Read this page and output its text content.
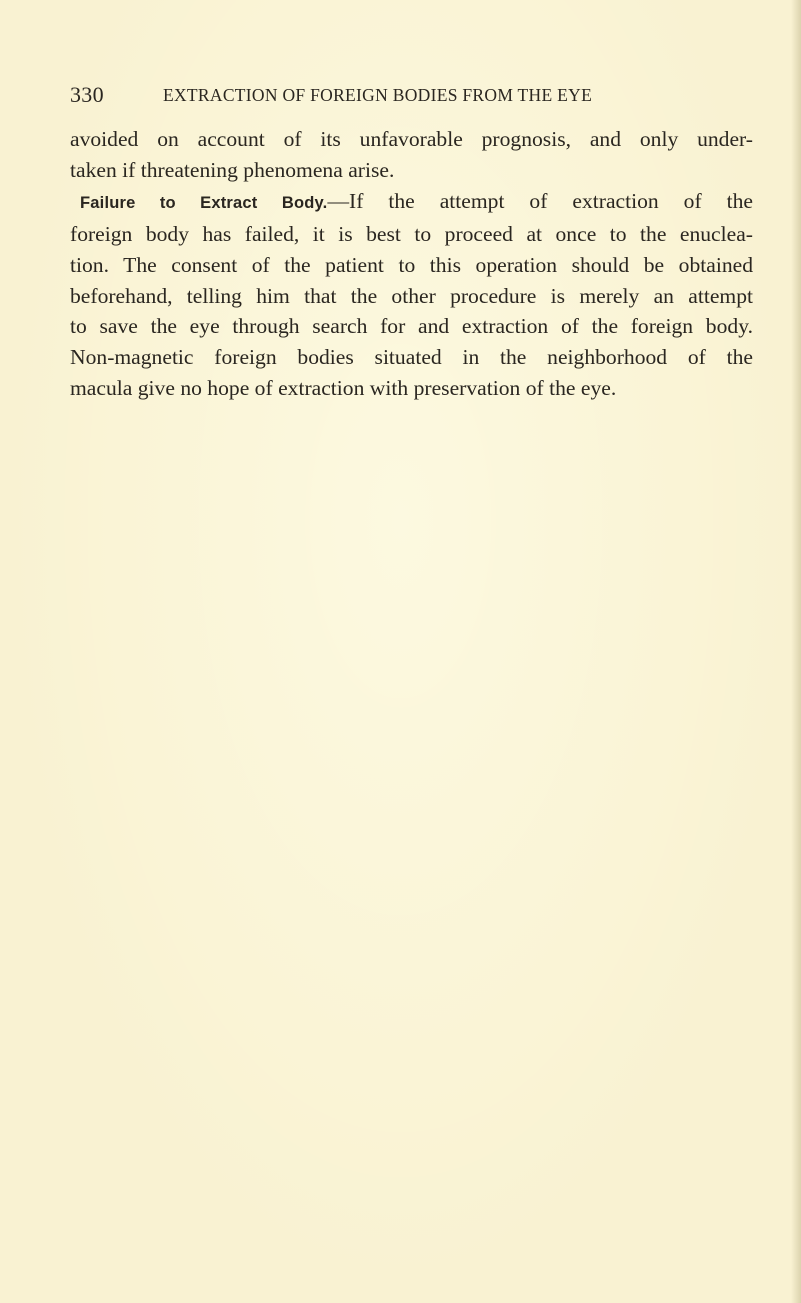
330	EXTRACTION OF FOREIGN BODIES FROM THE EYE
avoided on account of its unfavorable prognosis, and only under-
taken if threatening phenomena arise.
Failure to Extract Body.—If the attempt of extraction of the
foreign body has failed, it is best to proceed at once to the enuclea-
tion. The consent of the patient to this operation should be obtained
beforehand, telling him that the other procedure is merely an attempt
to save the eye through search for and extraction of the foreign body.
Non-magnetic foreign bodies situated in the neighborhood of the
macula give no hope of extraction with preservation of the eye.
